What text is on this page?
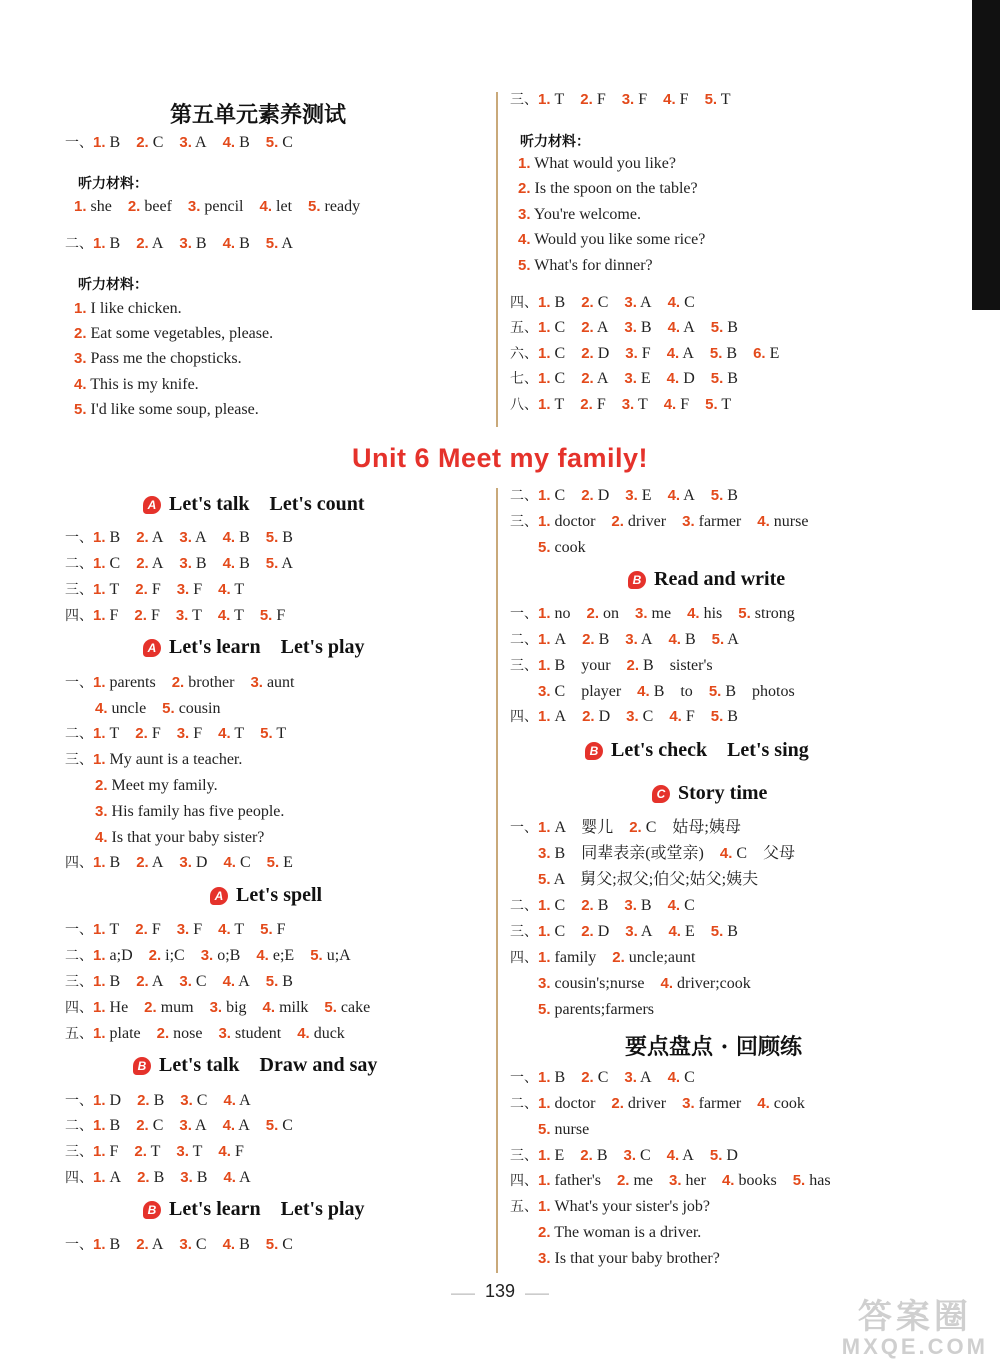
Unit 6 Meet my family!
第五单元素养测试
一、1. B 2. C 3. A 4. B 5. C
听力材料：
1. she 2. beef 3. pencil 4. let 5. ready
二、1. B 2. A 3. B 4. B 5. A
听力材料：
1. I like chicken.
2. Eat some vegetables, please.
3. Pass me the chopsticks.
4. This is my knife.
5. I'd like some soup, please.
三、1. T 2. F 3. F 4. F 5. T
听力材料：
1. What would you like?
2. Is the spoon on the table?
3. You're welcome.
4. Would you like some rice?
5. What's for dinner?
四、1. B 2. C 3. A 4. C
五、1. C 2. A 3. B 4. A 5. B
六、1. C 2. D 3. F 4. A 5. B 6. E
七、1. C 2. A 3. E 4. D 5. B
八、1. T 2. F 3. T 4. F 5. T
A Let's talk    Let's count
一、1. B 2. A 3. A 4. B 5. B
二、1. C 2. A 3. B 4. B 5. A
三、1. T 2. F 3. F 4. T
四、1. F 2. F 3. T 4. T 5. F
A Let's learn    Let's play
一、1. parents 2. brother 3. aunt
4. uncle 5. cousin
二、1. T 2. F 3. F 4. T 5. T
三、1. My aunt is a teacher.
2. Meet my family.
3. His family has five people.
4. Is that your baby sister?
四、1. B 2. A 3. D 4. C 5. E
A Let's spell
一、1. T 2. F 3. F 4. T 5. F
二、1. a;D 2. i;C 3. o;B 4. e;E 5. u;A
三、1. B 2. A 3. C 4. A 5. B
四、1. He 2. mum 3. big 4. milk 5. cake
五、1. plate 2. nose 3. student 4. duck
B Let's talk    Draw and say
一、1. D 2. B 3. C 4. A
二、1. B 2. C 3. A 4. A 5. C
三、1. F 2. T 3. T 4. F
四、1. A 2. B 3. B 4. A
B Let's learn    Let's play
一、1. B 2. A 3. C 4. B 5. C
二、1. C 2. D 3. E 4. A 5. B
三、1. doctor 2. driver 3. farmer 4. nurse
5. cook
B Read and write
一、1. no 2. on 3. me 4. his 5. strong
二、1. A 2. B 3. A 4. B 5. A
三、1. B    your 2. B    sister's
3. C    player 4. B    to 5. B    photos
四、1. A 2. D 3. C 4. F 5. B
B Let's check    Let's sing
C Story time
一、1. A    婴儿 2. C    姑母;姨母
3. B    同辈表亲(或堂亲) 4. C    父母
5. A    舅父;叔父;伯父;姑父;姨夫
二、1. C 2. B 3. B 4. C
三、1. C 2. D 3. A 4. E 5. B
四、1. family 2. uncle;aunt
3. cousin's;nurse 4. driver;cook
5. parents;farmers
要点盘点 · 回顾练
一、1. B 2. C 3. A 4. C
二、1. doctor 2. driver 3. farmer 4. cook
5. nurse
三、1. E 2. B 3. C 4. A 5. D
四、1. father's 2. me 3. her 4. books 5. has
五、1. What's your sister's job?
2. The woman is a driver.
3. Is that your baby brother?
—— 139 ——
答案圈
MXQE.COM
